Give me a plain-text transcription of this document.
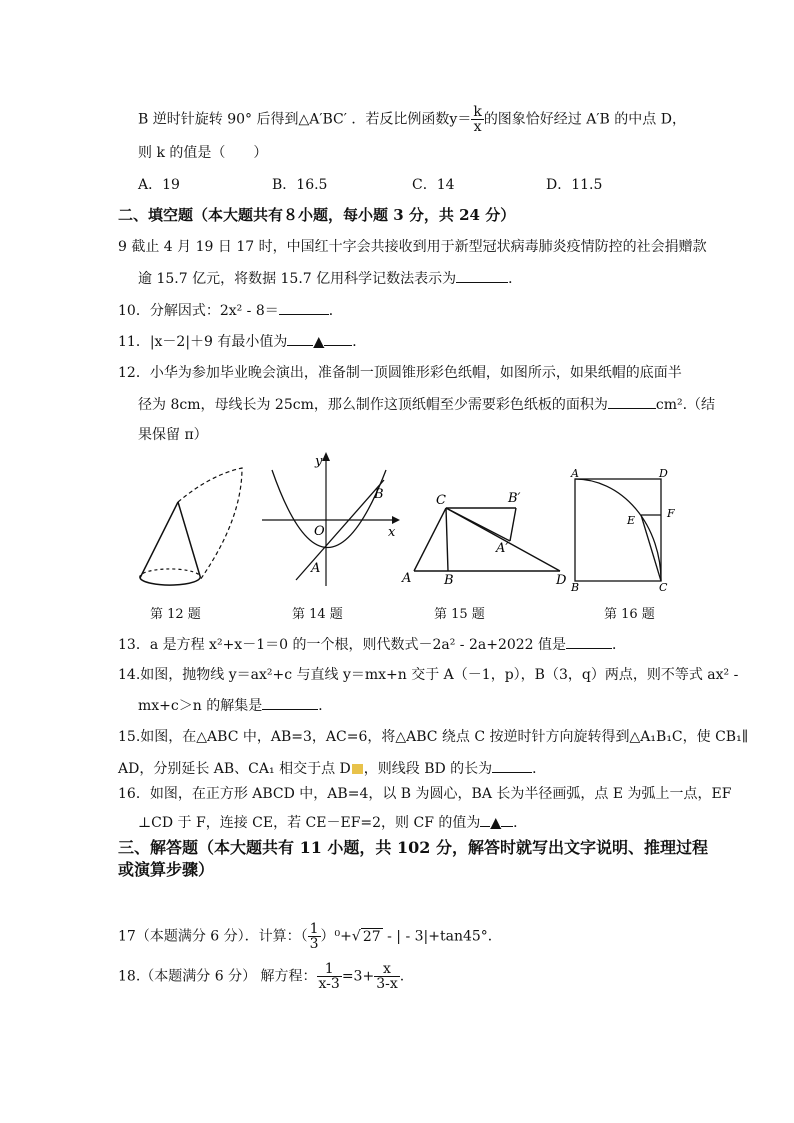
B 逆时针旋转 90° 后得到△A′BC′ ．若反比例函数$y= \frac{k}{x}$ 的图象恰好经过 A′B 的中点 D，
则 k 的值是（　　）
A．19	B．16.5	C．14	D．11.5
二、填空题（本大题共有８小题，每小题 3 分，共 24 分）
9 截止 4 月 19 日 17 时，中国红十字会共接收到用于新型冠状病毒肺炎疫情防控的社会捐赠款
逾 15.7 亿元，将数据 15.7 亿用科学记数法表示为	．
10．分解因式：2x² - 8＝	．
11．|x－2|＋9 有最小值为 ▲ ．
12．小华为参加毕业晚会演出，准备制一顶圆锥形彩色纸帽，如图所示，如果纸帽的底面半
径为 8cm，母线长为 25cm，那么制作这顶纸帽至少需要彩色纸板的面积为	cm².（结
果保留 π）
第 12 题
y
x
O
A
B
第 14 题
C	B′
A′
A	B	D
第 15 题
A	D
E
F
B	C
第 16 题
13．a 是方程 x²+x－1＝0 的一个根，则代数式－2a² - 2a+2022 值是	．
14.如图，抛物线 y＝ax²+c 与直线 y＝mx+n 交于 A（－1，p），B（3，q）两点，则不等式 ax² -
mx+c＞n 的解集是	．
15.如图，在△ABC 中，AB=3，AC=6，将△ABC 绕点 C 按逆时针方向旋转得到△A₁B₁C，使 CB₁∥
AD，分别延长 AB、CA₁ 相交于点 D ，则线段 BD 的长为	．
16．如图，在正方形 ABCD 中，AB=4，以 B 为圆心，BA 长为半径画弧，点 E 为弧上一点，EF
⊥CD 于 F，连接 CE，若 CE－EF=2，则 CF 的值为 ▲ ．
三、解答题（本大题共有 11 小题，共 102 分，解答时就写出文字说明、推理过程
或演算步骤）
17（本题满分 6 分）．计算：（ $\frac{1}{3} )^0+√$ 27 - | - 3|+tan45°．
18.（本题满分 6 分） 解方程： $\frac{1}{x-3} =3+ \frac{x}{3-x}$ .
